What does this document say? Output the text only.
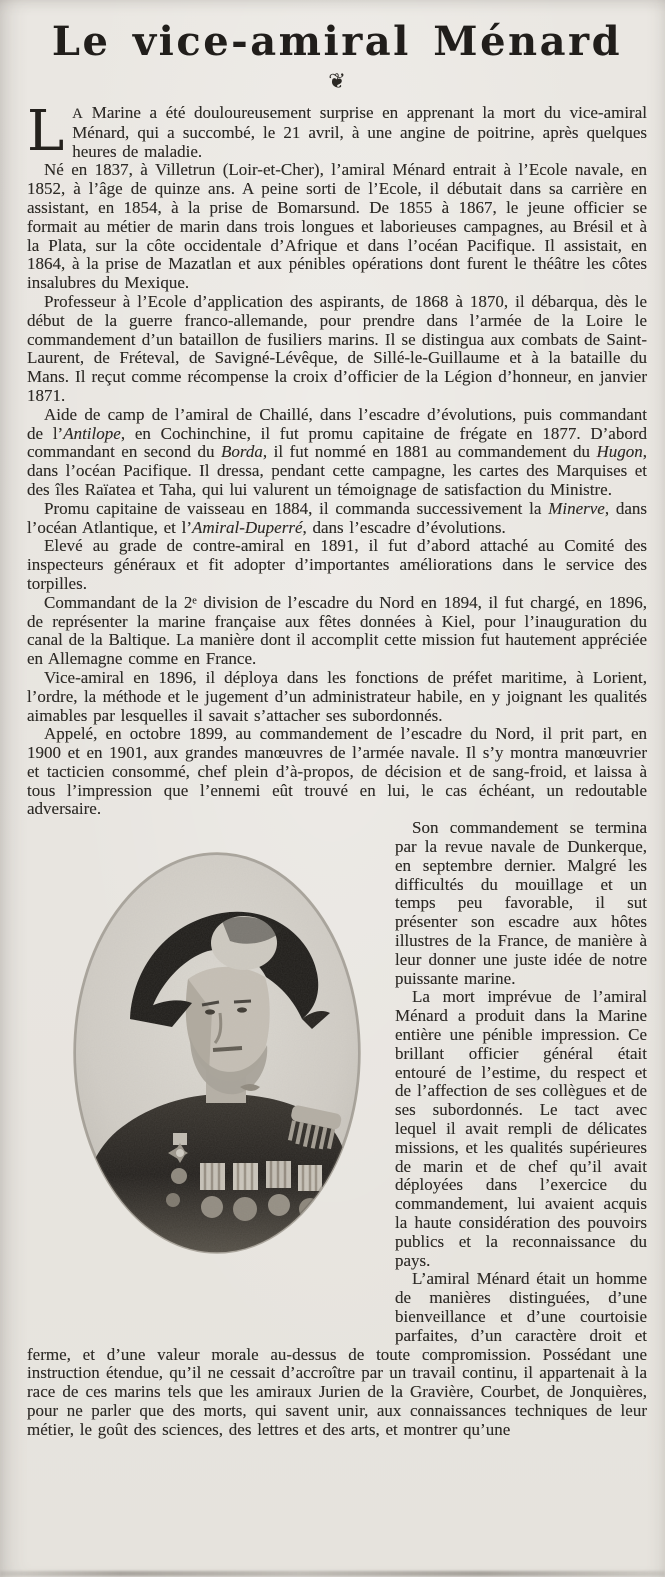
Le vice-amiral Ménard
❦

L A Marine a été douloureusement surprise en apprenant la mort du vice-amiral Ménard, qui a succombé, le 21 avril, à une angine de poitrine, après quelques heures de maladie.

Né en 1837, à Villetrun (Loir-et-Cher), l’amiral Ménard entrait à l’Ecole navale, en 1852, à l’âge de quinze ans. A peine sorti de l’Ecole, il débutait dans sa carrière en assistant, en 1854, à la prise de Bomarsund. De 1855 à 1867, le jeune officier se formait au métier de marin dans trois longues et laborieuses campagnes, au Brésil et à la Plata, sur la côte occidentale d’Afrique et dans l’océan Pacifique. Il assistait, en 1864, à la prise de Mazatlan et aux pénibles opérations dont furent le théâtre les côtes insalubres du Mexique.

Professeur à l’Ecole d’application des aspirants, de 1868 à 1870, il débarqua, dès le début de la guerre franco-allemande, pour prendre dans l’armée de la Loire le commandement d’un bataillon de fusiliers marins. Il se distingua aux combats de Saint-Laurent, de Fréteval, de Savigné-Lévêque, de Sillé-le-Guillaume et à la bataille du Mans. Il reçut comme récompense la croix d’officier de la Légion d’honneur, en janvier 1871.

Aide de camp de l’amiral de Chaillé, dans l’escadre d’évolutions, puis commandant de l’Antilope, en Cochinchine, il fut promu capitaine de frégate en 1877. D’abord commandant en second du Borda, il fut nommé en 1881 au commandement du Hugon, dans l’océan Pacifique. Il dressa, pendant cette campagne, les cartes des Marquises et des îles Raïatea et Taha, qui lui valurent un témoignage de satisfaction du Ministre.

Promu capitaine de vaisseau en 1884, il commanda successivement la Minerve, dans l’océan Atlantique, et l’Amiral-Duperré, dans l’escadre d’évolutions.

Elevé au grade de contre-amiral en 1891, il fut d’abord attaché au Comité des inspecteurs généraux et fit adopter d’importantes améliorations dans le service des torpilles.

Commandant de la 2ᵉ division de l’escadre du Nord en 1894, il fut chargé, en 1896, de représenter la marine française aux fêtes données à Kiel, pour l’inauguration du canal de la Baltique. La manière dont il accomplit cette mission fut hautement appréciée en Allemagne comme en France.

Vice-amiral en 1896, il déploya dans les fonctions de préfet maritime, à Lorient, l’ordre, la méthode et le jugement d’un administrateur habile, en y joignant les qualités aimables par lesquelles il savait s’attacher ses subordonnés.

Appelé, en octobre 1899, au commandement de l’escadre du Nord, il prit part, en 1900 et en 1901, aux grandes manœuvres de l’armée navale. Il s’y montra manœuvrier et tacticien consommé, chef plein d’à-propos, de décision et de sang-froid, et laissa à tous l’impression que l’ennemi eût trouvé en lui, le cas échéant, un redoutable adversaire.

Son commandement se termina par la revue navale de Dunkerque, en septembre dernier. Malgré les difficultés du mouillage et un temps peu favorable, il sut présenter son escadre aux hôtes illustres de la France, de manière à leur donner une juste idée de notre puissante marine.

La mort imprévue de l’amiral Ménard a produit dans la Marine entière une pénible impression. Ce brillant officier général était entouré de l’estime, du respect et de l’affection de ses collègues et de ses subordonnés. Le tact avec lequel il avait rempli de délicates missions, et les qualités supérieures de marin et de chef qu’il avait déployées dans l’exercice du commandement, lui avaient acquis la haute considération des pouvoirs publics et la reconnaissance du pays.

L’amiral Ménard était un homme de manières distinguées, d’une bienveillance et d’une courtoisie parfaites, d’un caractère droit et ferme, et d’une valeur morale au-dessus de toute compromission. Possédant une instruction étendue, qu’il ne cessait d’accroître par un travail continu, il appartenait à la race de ces marins tels que les amiraux Jurien de la Gravière, Courbet, de Jonquières, pour ne parler que des morts, qui savent unir, aux connaissances techniques de leur métier, le goût des sciences, des lettres et des arts, et montrer qu’une
